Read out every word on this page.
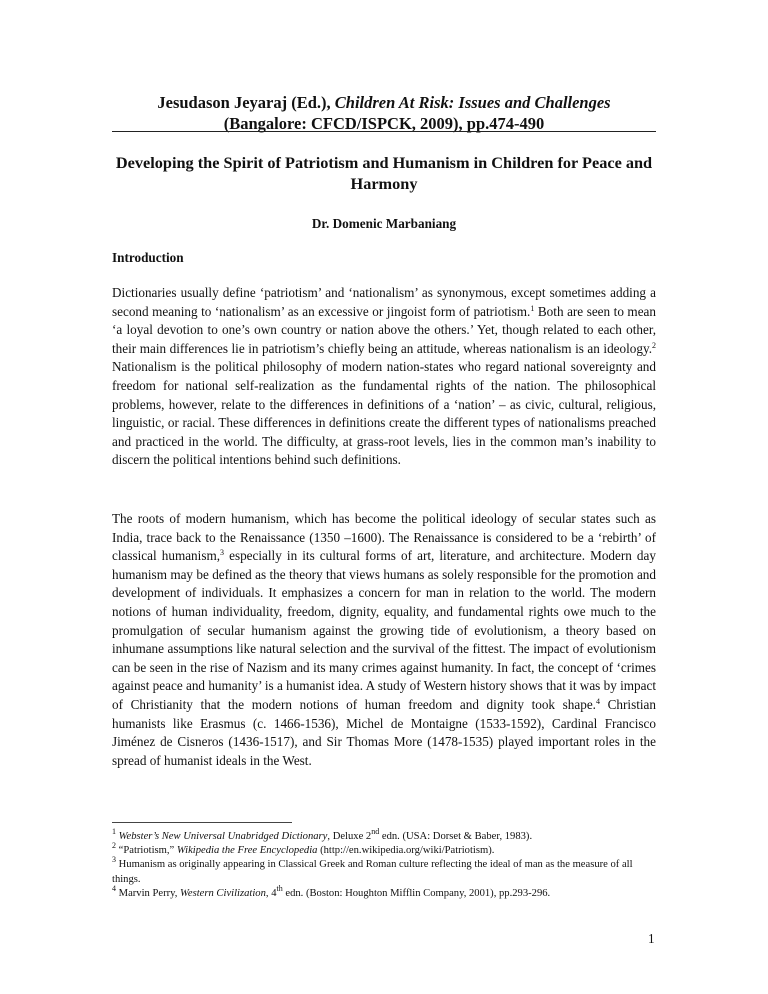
Jesudason Jeyaraj (Ed.), Children At Risk: Issues and Challenges
(Bangalore: CFCD/ISPCK, 2009), pp.474-490
Developing the Spirit of Patriotism and Humanism in Children for Peace and Harmony
Dr. Domenic Marbaniang
Introduction

Dictionaries usually define ‘patriotism’ and ‘nationalism’ as synonymous, except sometimes adding a second meaning to ‘nationalism’ as an excessive or jingoist form of patriotism.$^1$ Both are seen to mean ‘a loyal devotion to one’s own country or nation above the others.’ Yet, though related to each other, their main differences lie in patriotism’s chiefly being an attitude, whereas nationalism is an ideology.$^2$ Nationalism is the political philosophy of modern nation-states who regard national sovereignty and freedom for national self-realization as the fundamental rights of the nation. The philosophical problems, however, relate to the differences in definitions of a ‘nation’ – as civic, cultural, religious, linguistic, or racial. These differences in definitions create the different types of nationalisms preached and practiced in the world. The difficulty, at grass-root levels, lies in the common man’s inability to discern the political intentions behind such definitions.

The roots of modern humanism, which has become the political ideology of secular states such as India, trace back to the Renaissance (1350 –1600). The Renaissance is considered to be a ‘rebirth’ of classical humanism,$^3$ especially in its cultural forms of art, literature, and architecture. Modern day humanism may be defined as the theory that views humans as solely responsible for the promotion and development of individuals. It emphasizes a concern for man in relation to the world. The modern notions of human individuality, freedom, dignity, equality, and fundamental rights owe much to the promulgation of secular humanism against the growing tide of evolutionism, a theory based on inhumane assumptions like natural selection and the survival of the fittest. The impact of evolutionism can be seen in the rise of Nazism and its many crimes against humanity. In fact, the concept of ‘crimes against peace and humanity’ is a humanist idea. A study of Western history shows that it was by impact of Christianity that the modern notions of human freedom and dignity took shape.$^4$ Christian humanists like Erasmus (c. 1466-1536), Michel de Montaigne (1533-1592), Cardinal Francisco Jiménez de Cisneros (1436-1517), and Sir Thomas More (1478-1535) played important roles in the spread of humanist ideals in the West.

$^1$ Webster’s New Universal Unabridged Dictionary, Deluxe 2nd edn. (USA: Dorset & Baber, 1983).

$^2$ “Patriotism,” Wikipedia the Free Encyclopedia (http://en.wikipedia.org/wiki/Patriotism).

$^3$ Humanism as originally appearing in Classical Greek and Roman culture reflecting the ideal of man as the measure of all things.

$^4$ Marvin Perry, Western Civilization, 4th edn. (Boston: Houghton Mifflin Company, 2001), pp.293-296.

1
